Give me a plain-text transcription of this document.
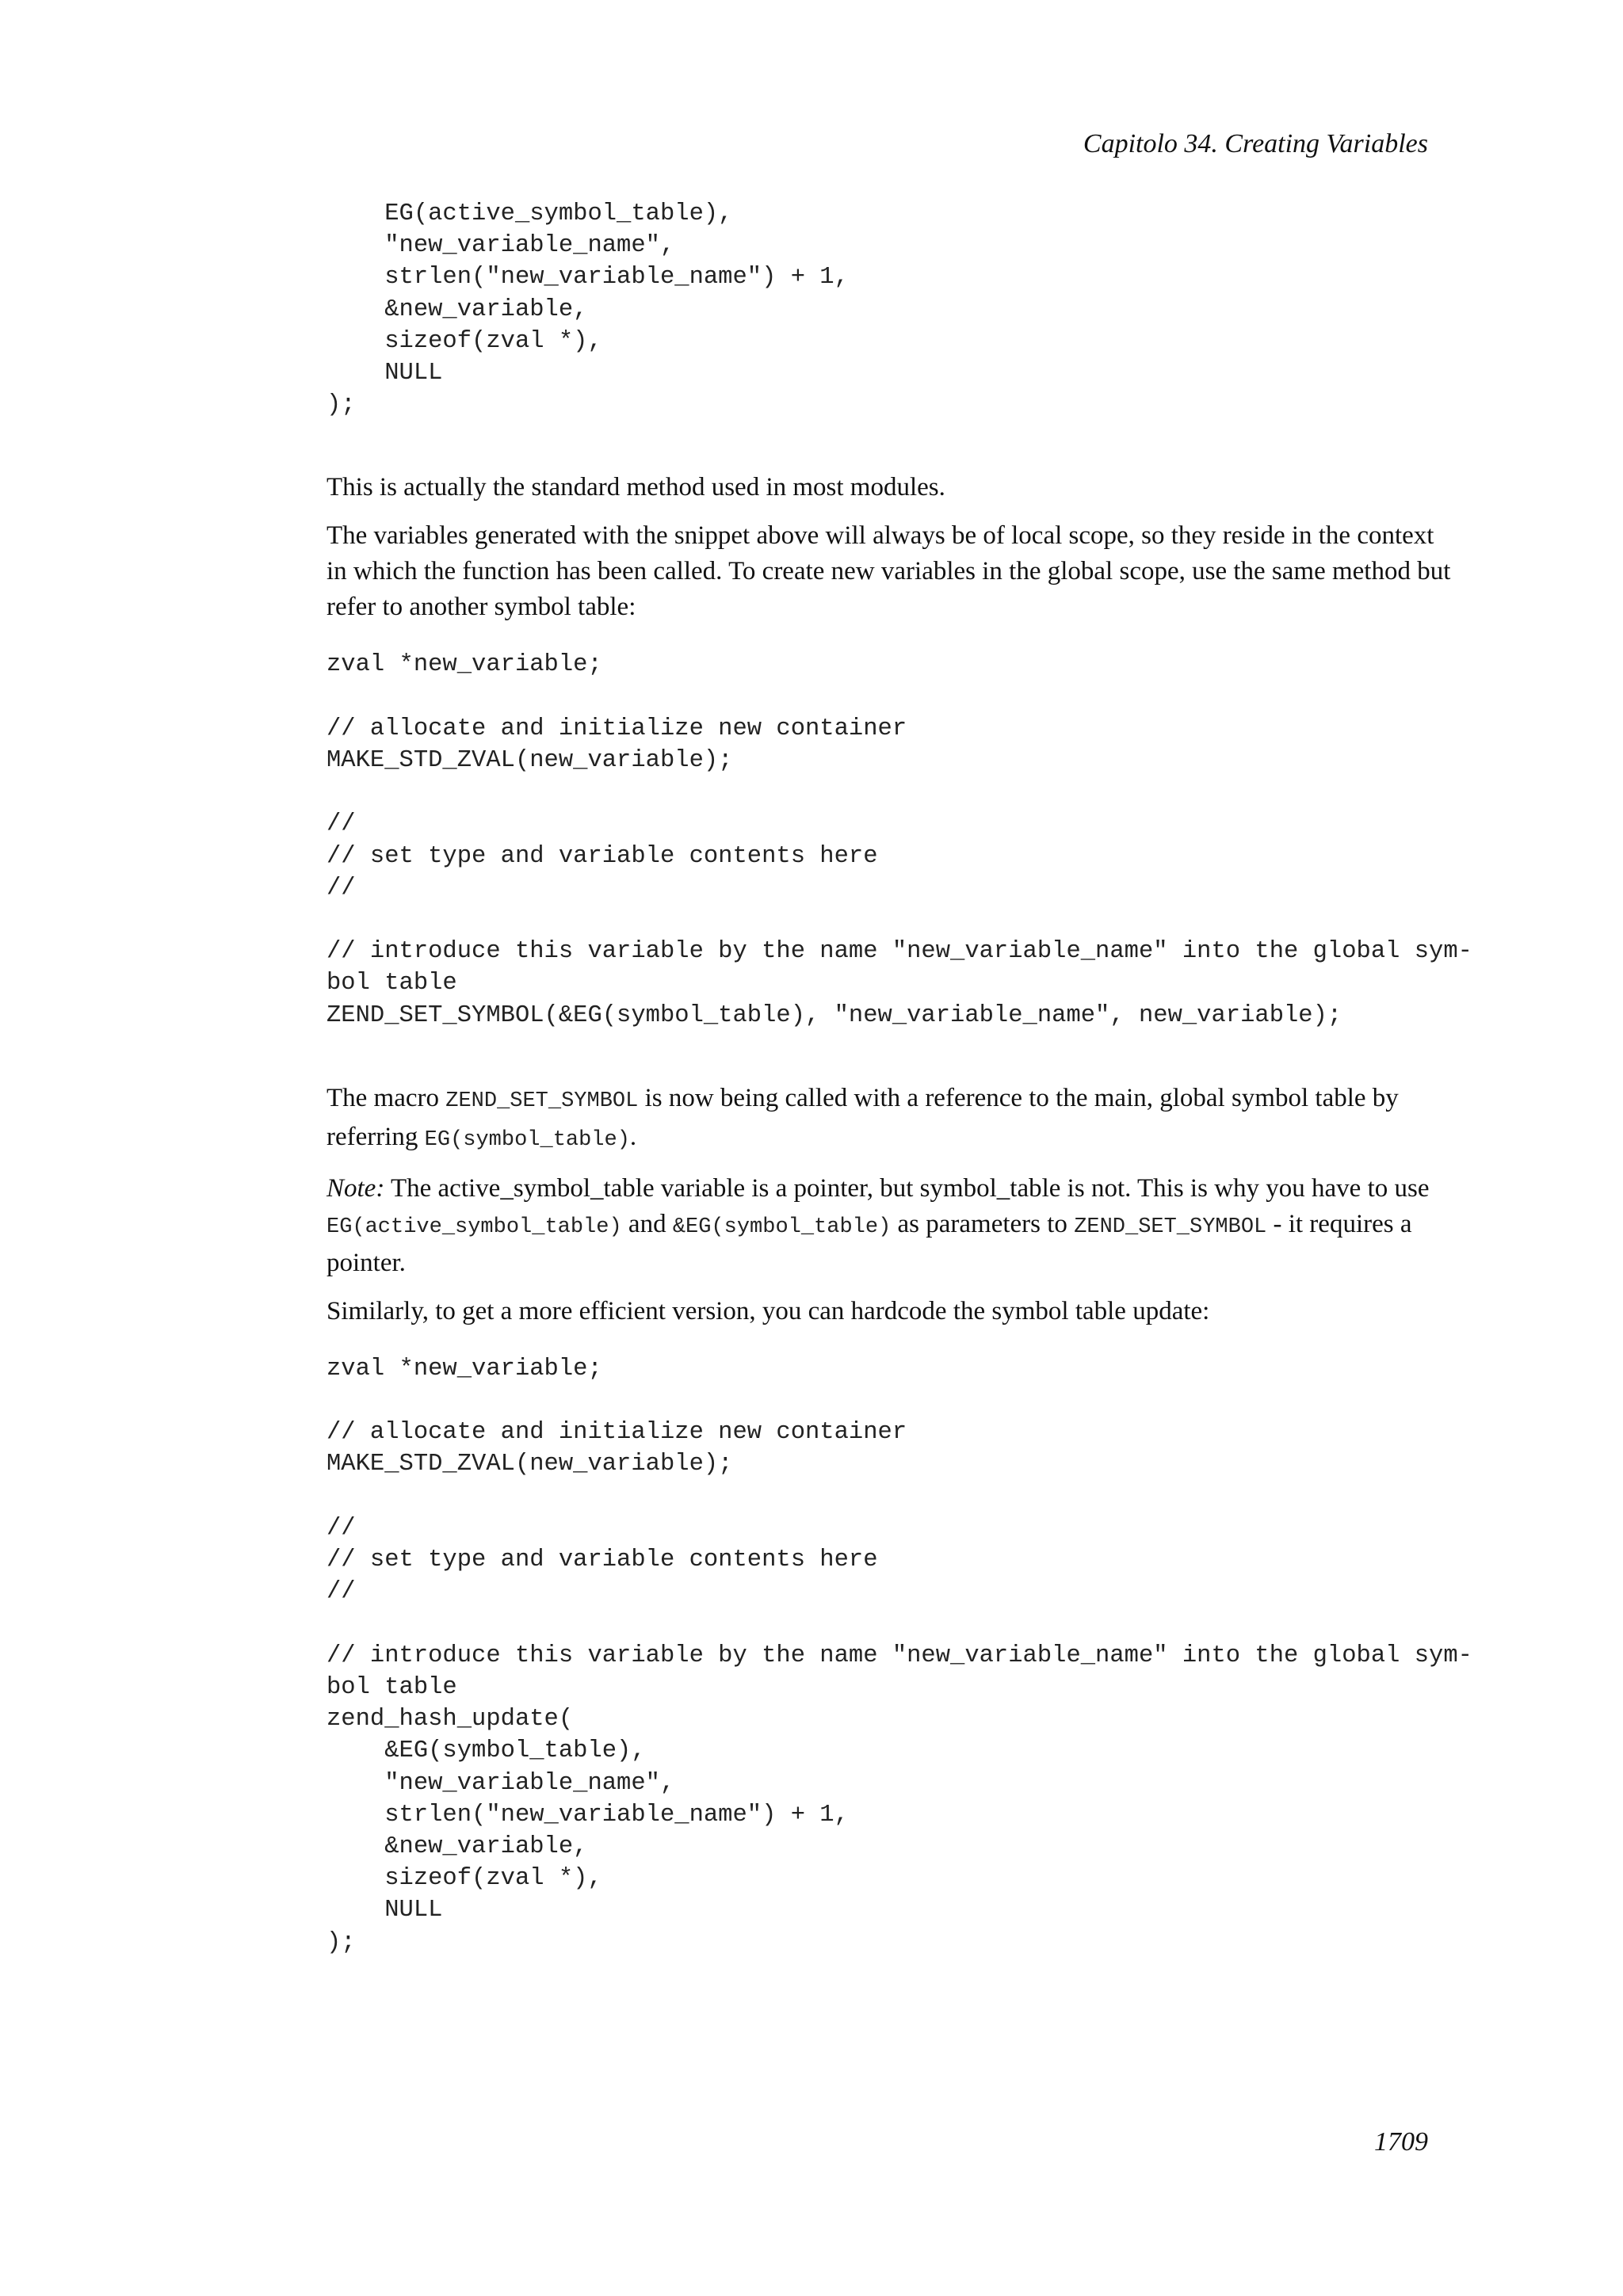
Capitolo 34. Creating Variables
EG(active_symbol_table),
"new_variable_name",
strlen("new_variable_name") + 1,
&new_variable,
sizeof(zval *),
NULL
);

This is actually the standard method used in most modules.

The variables generated with the snippet above will always be of local scope, so they reside in the context in which the function has been called. To create new variables in the global scope, use the same method but refer to another symbol table:

zval *new_variable;

// allocate and initialize new container
MAKE_STD_ZVAL(new_variable);

//
// set type and variable contents here
//

// introduce this variable by the name "new_variable_name" into the global sym-
bol table
ZEND_SET_SYMBOL(&EG(symbol_table), "new_variable_name", new_variable);

The macro ZEND_SET_SYMBOL is now being called with a reference to the main, global symbol table by referring EG(symbol_table).

Note: The active_symbol_table variable is a pointer, but symbol_table is not. This is why you have to use EG(active_symbol_table) and &EG(symbol_table) as parameters to ZEND_SET_SYMBOL - it requires a pointer.

Similarly, to get a more efficient version, you can hardcode the symbol table update:

zval *new_variable;

// allocate and initialize new container
MAKE_STD_ZVAL(new_variable);

//
// set type and variable contents here
//

// introduce this variable by the name "new_variable_name" into the global sym-
bol table
zend_hash_update(
&EG(symbol_table),
"new_variable_name",
strlen("new_variable_name") + 1,
&new_variable,
sizeof(zval *),
NULL
);
1709
